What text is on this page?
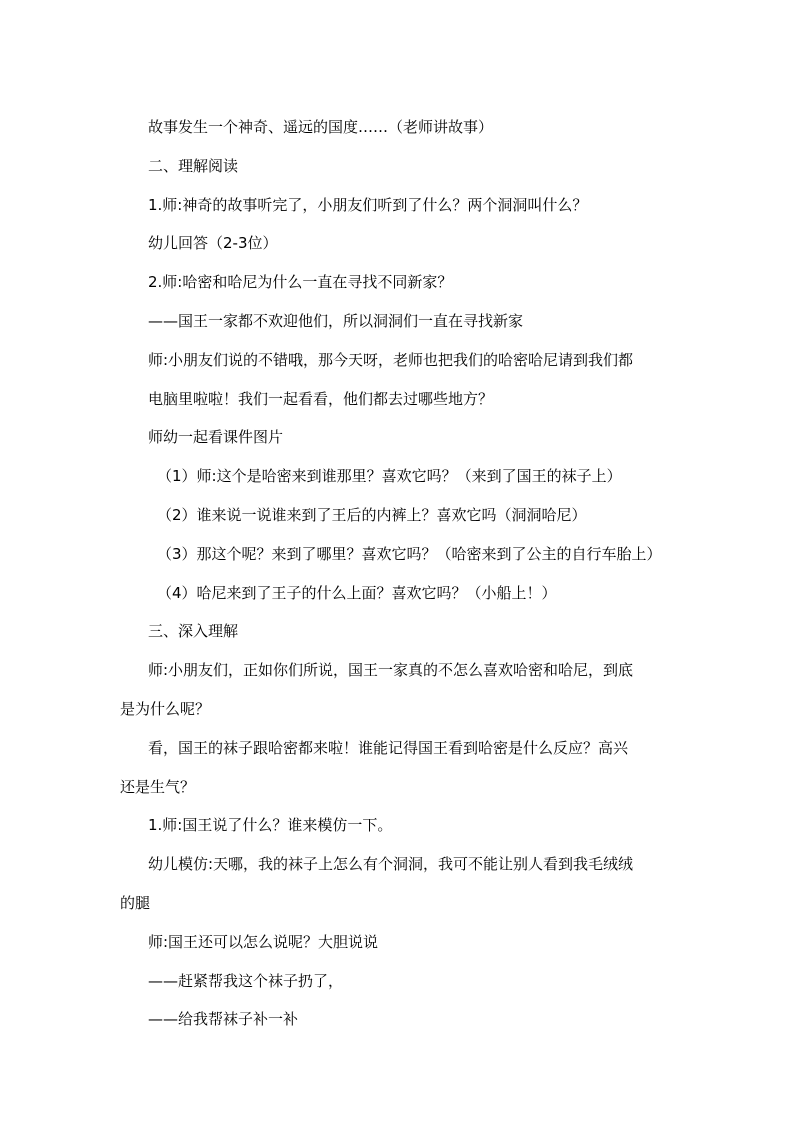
故事发生一个神奇、遥远的国度……（老师讲故事）

二、理解阅读

1.师:神奇的故事听完了，小朋友们听到了什么？两个洞洞叫什么？

幼儿回答（2-3位）

2.师:哈密和哈尼为什么一直在寻找不同新家？

——国王一家都不欢迎他们，所以洞洞们一直在寻找新家

师:小朋友们说的不错哦，那今天呀，老师也把我们的哈密哈尼请到我们都

电脑里啦啦！我们一起看看，他们都去过哪些地方？

师幼一起看课件图片

（1）师:这个是哈密来到谁那里？喜欢它吗？（来到了国王的袜子上）

（2）谁来说一说谁来到了王后的内裤上？喜欢它吗（洞洞哈尼）

（3）那这个呢？来到了哪里？喜欢它吗？（哈密来到了公主的自行车胎上）

（4）哈尼来到了王子的什么上面？喜欢它吗？（小船上！）

三、深入理解

师:小朋友们，正如你们所说，国王一家真的不怎么喜欢哈密和哈尼，到底

是为什么呢？

看，国王的袜子跟哈密都来啦！谁能记得国王看到哈密是什么反应？高兴

还是生气？

1.师:国王说了什么？谁来模仿一下。

幼儿模仿:天哪，我的袜子上怎么有个洞洞，我可不能让别人看到我毛绒绒

的腿

师:国王还可以怎么说呢？大胆说说

——赶紧帮我这个袜子扔了，

——给我帮袜子补一补
